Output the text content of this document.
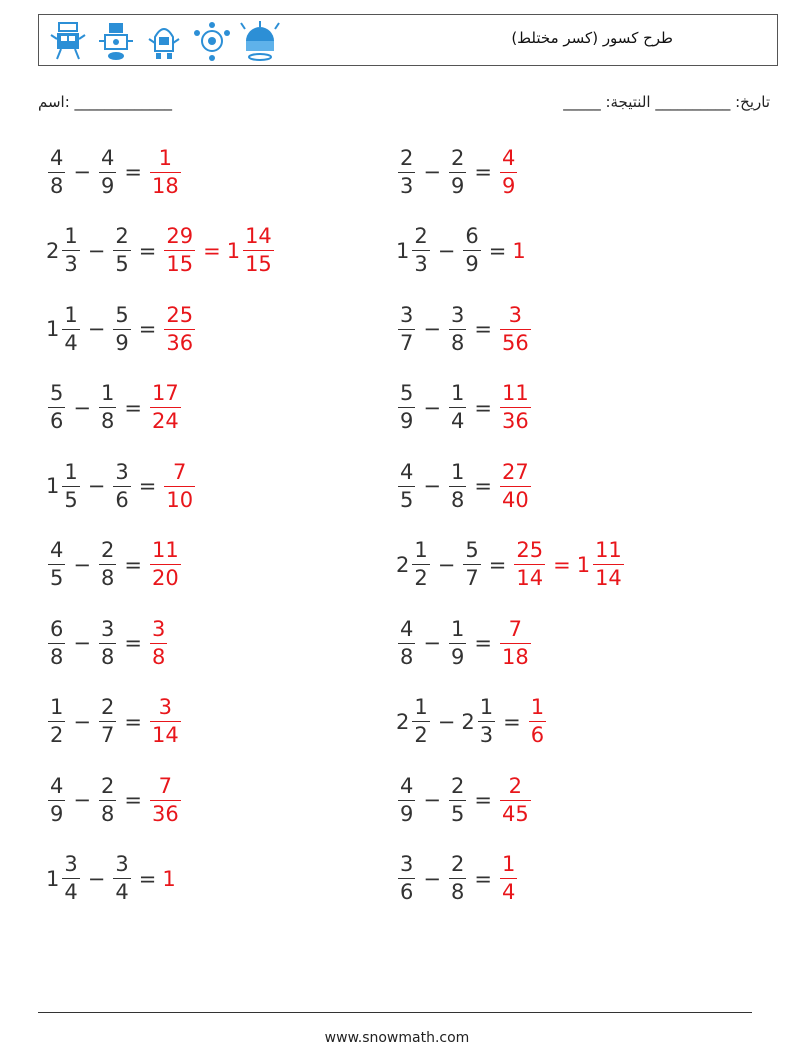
طرح کسور (کسر مختلط)
_____ :تاریخ: __________ النتیجة
اسم: _____________
$\frac{4}{8} - \frac{4}{9} = \frac{1}{18}$	$\frac{2}{3} - \frac{2}{9} = \frac{4}{9}$
$2 \frac{1}{3} - \frac{2}{5} = \frac{29}{15} = 1 \frac{14}{15}$	$1 \frac{2}{3} - \frac{6}{9} = 1$
$1 \frac{1}{4} - \frac{5}{9} = \frac{25}{36}$	$\frac{3}{7} - \frac{3}{8} = \frac{3}{56}$
$\frac{5}{6} - \frac{1}{8} = \frac{17}{24}$	$\frac{5}{9} - \frac{1}{4} = \frac{11}{36}$
$1 \frac{1}{5} - \frac{3}{6} = \frac{7}{10}$	$\frac{4}{5} - \frac{1}{8} = \frac{27}{40}$
$\frac{4}{5} - \frac{2}{8} = \frac{11}{20}$	$2 \frac{1}{2} - \frac{5}{7} = \frac{25}{14} = 1 \frac{11}{14}$
$\frac{6}{8} - \frac{3}{8} = \frac{3}{8}$	$\frac{4}{8} - \frac{1}{9} = \frac{7}{18}$
$\frac{1}{2} - \frac{2}{7} = \frac{3}{14}$	$2 \frac{1}{2} - 2 \frac{1}{3} = \frac{1}{6}$
$\frac{4}{9} - \frac{2}{8} = \frac{7}{36}$	$\frac{4}{9} - \frac{2}{5} = \frac{2}{45}$
$1 \frac{3}{4} - \frac{3}{4} = 1$	$\frac{3}{6} - \frac{2}{8} = \frac{1}{4}$
www.snowmath.com
